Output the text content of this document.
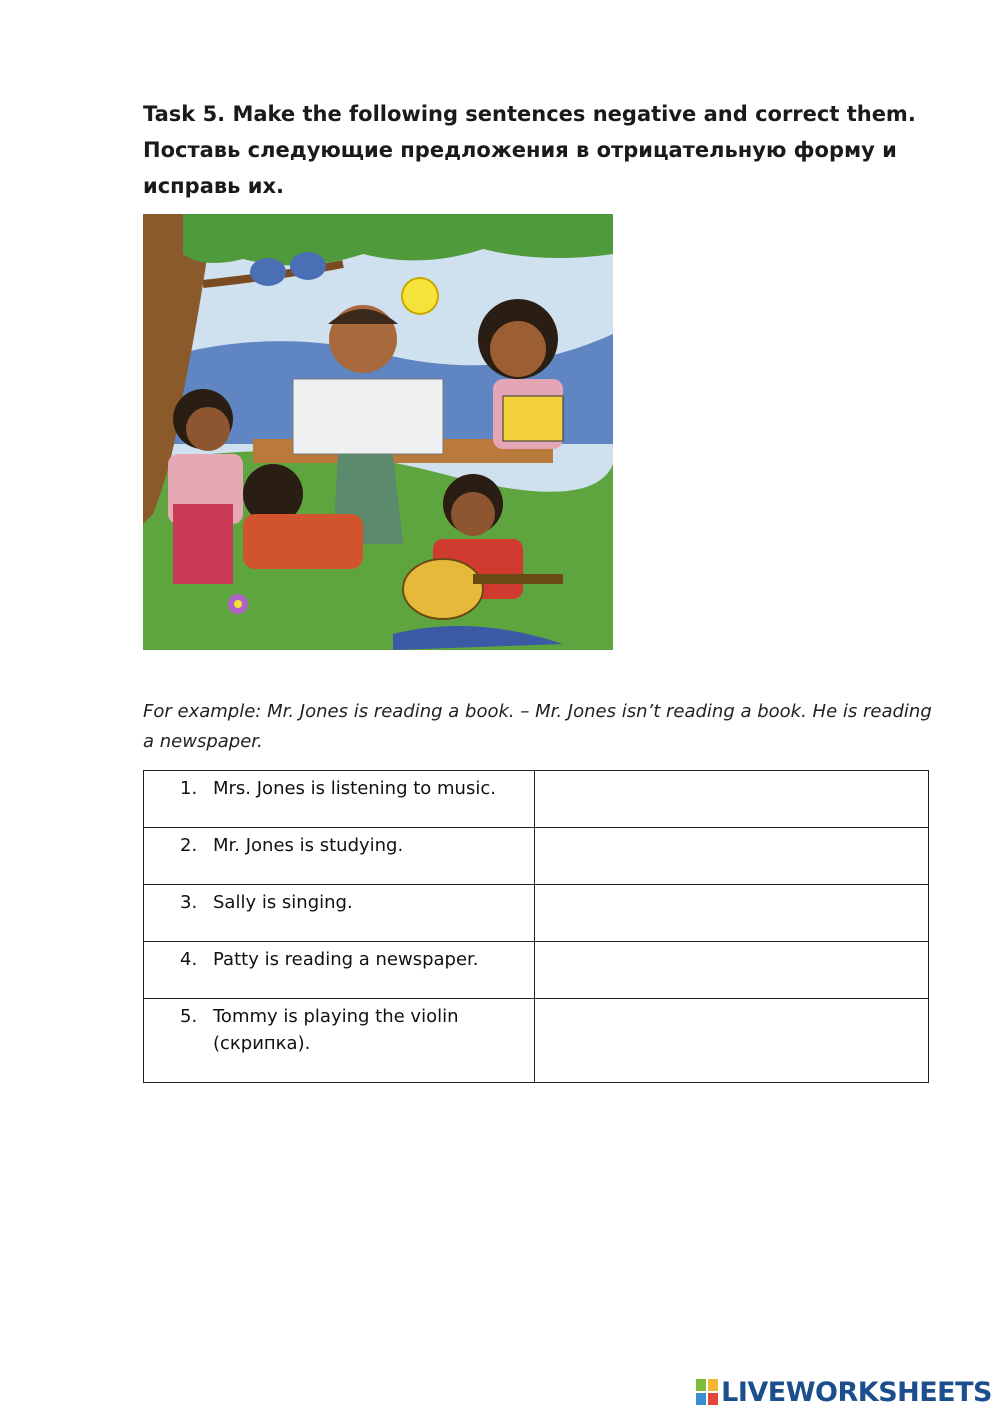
Task 5. Make the following sentences negative and correct them.
Поставь следующие предложения в отрицательную форму и исправь их.
For example: Mr. Jones is reading a book. – Mr. Jones isn’t reading a book. He is reading a newspaper.
1. Mrs. Jones is listening to music.

2. Mr. Jones is studying.

3. Sally is singing.

4. Patty is reading a newspaper.

5. Tommy is playing the violin (скрипка).

LIVEWORKSHEETS
